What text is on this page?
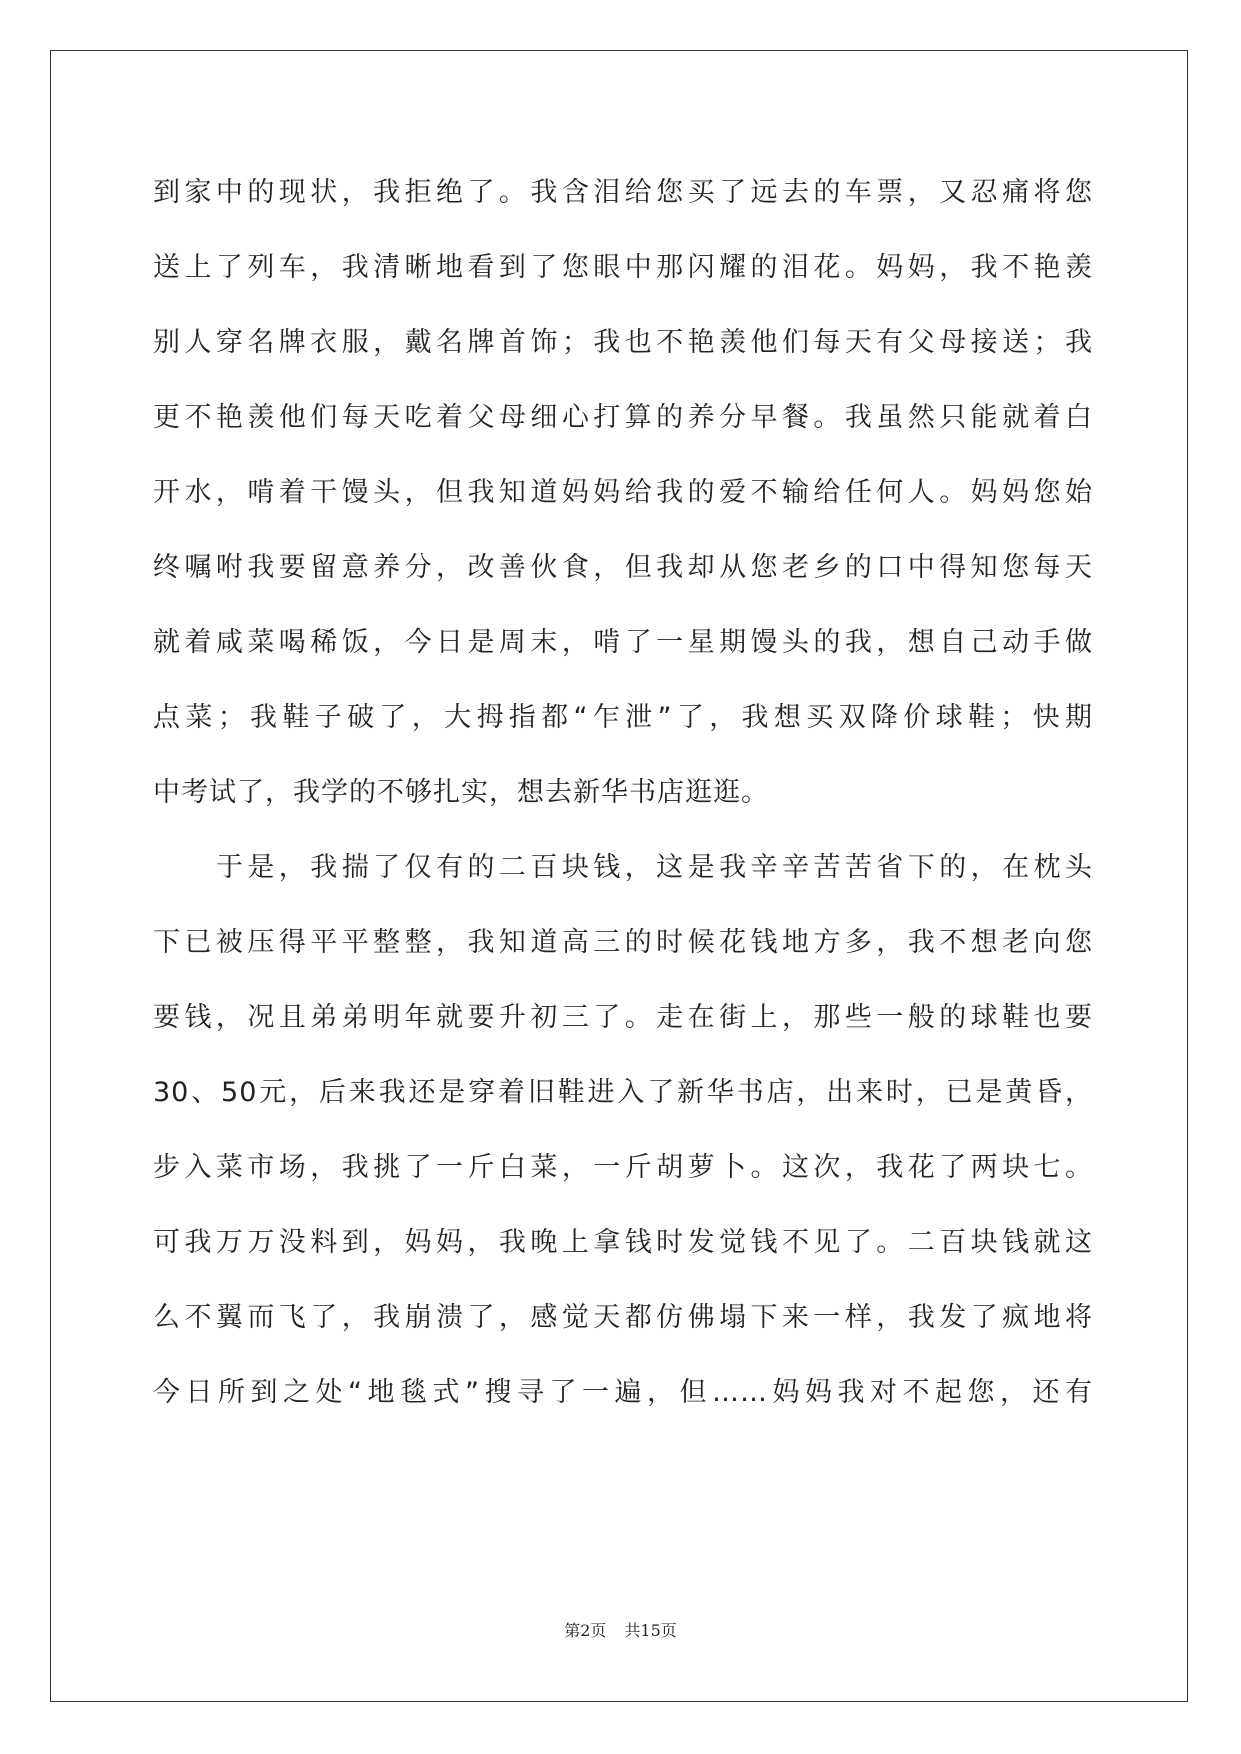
到家中的现状，我拒绝了。我含泪给您买了远去的车票，又忍痛将您
送上了列车，我清晰地看到了您眼中那闪耀的泪花。妈妈，我不艳羡
别人穿名牌衣服，戴名牌首饰；我也不艳羡他们每天有父母接送；我
更不艳羡他们每天吃着父母细心打算的养分早餐。我虽然只能就着白
开水，啃着干馒头，但我知道妈妈给我的爱不输给任何人。妈妈您始
终嘱咐我要留意养分，改善伙食，但我却从您老乡的口中得知您每天
就着咸菜喝稀饭，今日是周末，啃了一星期馒头的我，想自己动手做
点菜；我鞋子破了，大拇指都“乍泄”了，我想买双降价球鞋；快期
中考试了，我学的不够扎实，想去新华书店逛逛。
　　于是，我揣了仅有的二百块钱，这是我辛辛苦苦省下的，在枕头
下已被压得平平整整，我知道高三的时候花钱地方多，我不想老向您
要钱，况且弟弟明年就要升初三了。走在街上，那些一般的球鞋也要
30、50元，后来我还是穿着旧鞋进入了新华书店，出来时，已是黄昏，
步入菜市场，我挑了一斤白菜，一斤胡萝卜。这次，我花了两块七。
可我万万没料到，妈妈，我晚上拿钱时发觉钱不见了。二百块钱就这
么不翼而飞了，我崩溃了，感觉天都仿佛塌下来一样，我发了疯地将
今日所到之处“地毯式”搜寻了一遍，但……妈妈我对不起您，还有
第2页 共15页
